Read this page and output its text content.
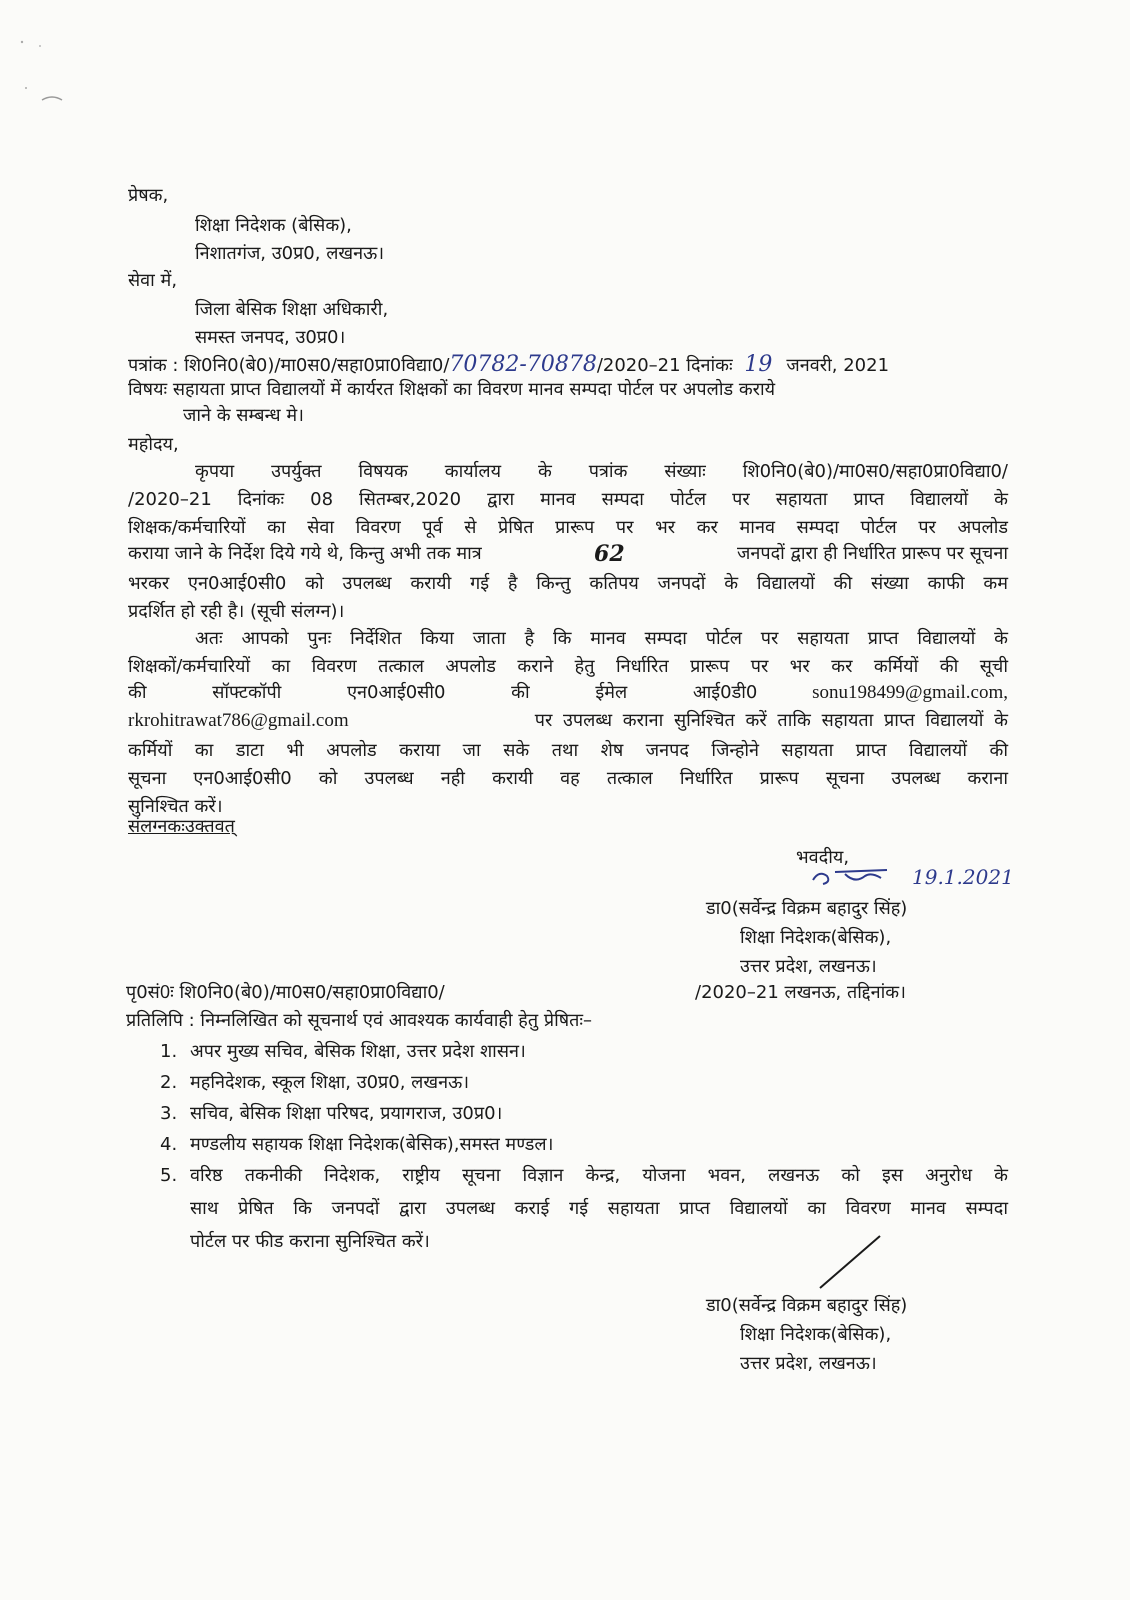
प्रेषक,
शिक्षा निदेशक (बेसिक),
निशातगंज, उ0प्र0, लखनऊ।
सेवा में,
जिला बेसिक शिक्षा अधिकारी,
समस्त जनपद, उ0प्र0।
पत्रांक : शि0नि0(बे0)/मा0स0/सहा0प्रा0विद्या0/70782-70878/2020–21 दिनांकः 19 जनवरी, 2021
विषयः सहायता प्राप्त विद्यालयों में कार्यरत शिक्षकों का विवरण मानव सम्पदा पोर्टल पर अपलोड कराये
जाने के सम्बन्ध मे।
महोदय,
कृपया उपर्युक्त विषयक कार्यालय के पत्रांक संख्याः शि0नि0(बे0)/मा0स0/सहा0प्रा0विद्या0/
/2020–21 दिनांकः 08 सितम्बर,2020 द्वारा मानव सम्पदा पोर्टल पर सहायता प्राप्त विद्यालयों के
शिक्षक/कर्मचारियों का सेवा विवरण पूर्व से प्रेषित प्रारूप पर भर कर मानव सम्पदा पोर्टल पर अपलोड
कराया जाने के निर्देश दिये गये थे, किन्तु अभी तक मात्र	62	जनपदों द्वारा ही निर्धारित प्रारूप पर सूचना
भरकर एन0आई0सी0 को उपलब्ध करायी गई है किन्तु कतिपय जनपदों के विद्यालयों की संख्या काफी कम
प्रदर्शित हो रही है। (सूची संलग्न)।
अतः आपको पुनः निर्देशित किया जाता है कि मानव सम्पदा पोर्टल पर सहायता प्राप्त विद्यालयों के
शिक्षकों/कर्मचारियों का विवरण तत्काल अपलोड कराने हेतु निर्धारित प्रारूप पर भर कर कर्मियों की सूची
की सॉफ्टकॉपी एन0आई0सी0 की ईमेल आई0डी0	sonu198499@gmail.com,
rkrohitrawat786@gmail.com	पर उपलब्ध कराना सुनिश्चित करें ताकि सहायता प्राप्त विद्यालयों के
कर्मियों का डाटा भी अपलोड कराया जा सके तथा शेष जनपद जिन्होने सहायता प्राप्त विद्यालयों की
सूचना एन0आई0सी0 को उपलब्ध नही करायी वह तत्काल निर्धारित प्रारूप सूचना उपलब्ध कराना
सुनिश्चित करें।
संलग्नकःउक्तवत्
भवदीय,
19.1.2021
डा0(सर्वेन्द्र विक्रम बहादुर सिंह)
शिक्षा निदेशक(बेसिक),
उत्तर प्रदेश, लखनऊ।
पृ0सं0ः शि0नि0(बे0)/मा0स0/सहा0प्रा0विद्या0/	/2020–21 लखनऊ, तद्दिनांक।
प्रतिलिपि : निम्नलिखित को सूचनार्थ एवं आवश्यक कार्यवाही हेतु प्रेषितः–
1. अपर मुख्य सचिव, बेसिक शिक्षा, उत्तर प्रदेश शासन।
2. महनिदेशक, स्कूल शिक्षा, उ0प्र0, लखनऊ।
3. सचिव, बेसिक शिक्षा परिषद, प्रयागराज, उ0प्र0।
4. मण्डलीय सहायक शिक्षा निदेशक(बेसिक),समस्त मण्डल।
5. वरिष्ठ तकनीकी निदेशक, राष्ट्रीय सूचना विज्ञान केन्द्र, योजना भवन, लखनऊ को इस अनुरोध के
साथ प्रेषित कि जनपदों द्वारा उपलब्ध कराई गई सहायता प्राप्त विद्यालयों का विवरण मानव सम्पदा
पोर्टल पर फीड कराना सुनिश्चित करें।
डा0(सर्वेन्द्र विक्रम बहादुर सिंह)
शिक्षा निदेशक(बेसिक),
उत्तर प्रदेश, लखनऊ।
